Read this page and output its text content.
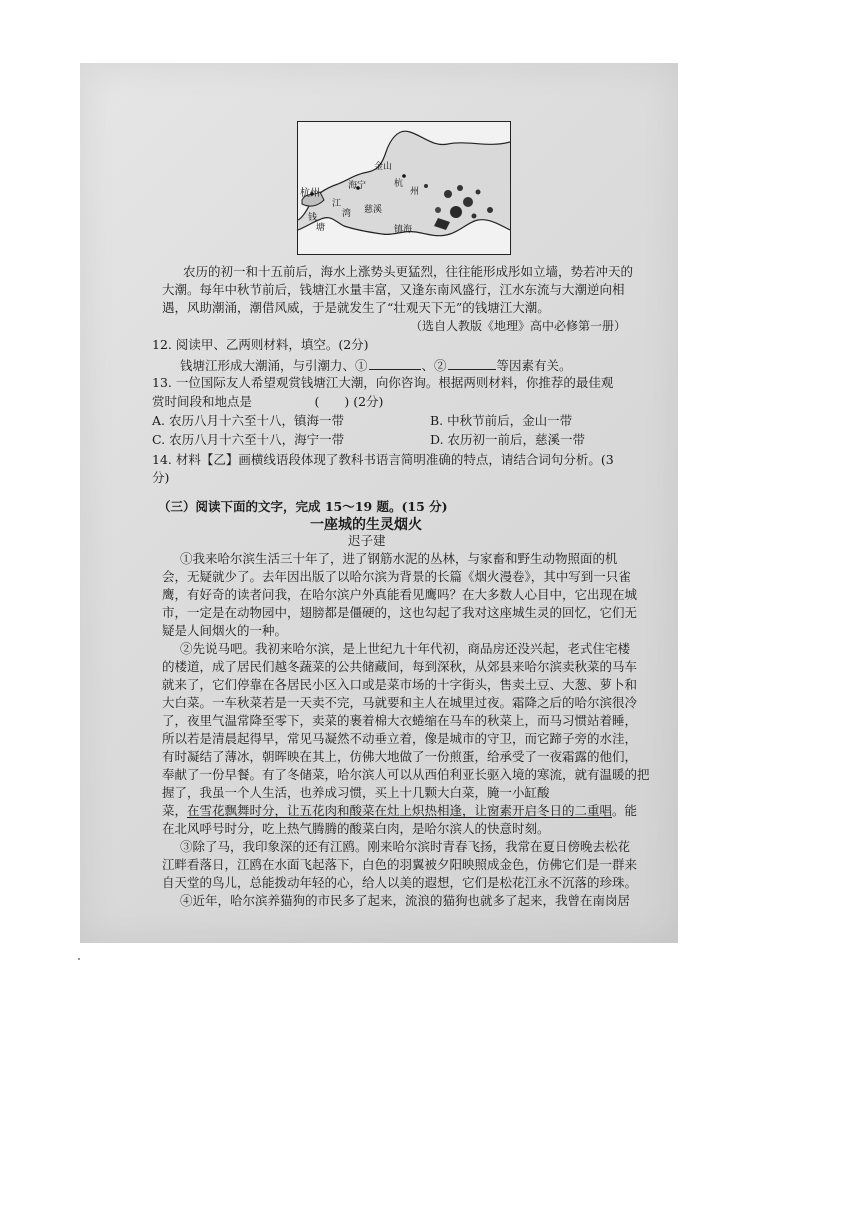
金山
海宁
杭州
江
湾
杭
州
钱
塘
慈溪
镇海
农历的初一和十五前后，海水上涨势头更猛烈，往往能形成彤如立墙，势若冲天的
大潮。每年中秋节前后，钱塘江水量丰富，又逢东南风盛行，江水东流与大潮逆向相
遇，风助潮涌，潮借风威，于是就发生了“壮观天下无”的钱塘江大潮。
（选自人教版《地理》高中必修第一册）
12. 阅读甲、乙两则材料，填空。(2分)
钱塘江形成大潮涌，与引潮力、①	、②	等因素有关。
13. 一位国际友人希望观赏钱塘江大潮，向你咨询。根据两则材料，你推荐的最佳观
赏时间段和地点是　　　　　(　　) (2分)
A. 农历八月十六至十八，镇海一带	B. 中秋节前后，金山一带
C. 农历八月十六至十八，海宁一带	D. 农历初一前后，慈溪一带
14. 材料【乙】画横线语段体现了教科书语言简明准确的特点，请结合词句分析。(3
分)
（三）阅读下面的文字，完成 15～19 题。(15 分)
一座城的生灵烟火
迟子建
①我来哈尔滨生活三十年了，进了钢筋水泥的丛林，与家畜和野生动物照面的机
会，无疑就少了。去年因出版了以哈尔滨为背景的长篇《烟火漫卷》，其中写到一只雀
鹰，有好奇的读者问我，在哈尔滨户外真能看见鹰吗？在大多数人心目中，它出现在城
市，一定是在动物园中，翅膀都是僵硬的，这也勾起了我对这座城生灵的回忆，它们无
疑是人间烟火的一种。
②先说马吧。我初来哈尔滨，是上世纪九十年代初，商品房还没兴起，老式住宅楼
的楼道，成了居民们越冬蔬菜的公共储藏间，每到深秋，从郊县来哈尔滨卖秋菜的马车
就来了，它们停靠在各居民小区入口或是菜市场的十字街头，售卖土豆、大葱、萝卜和
大白菜。一车秋菜若是一天卖不完，马就要和主人在城里过夜。霜降之后的哈尔滨很冷
了，夜里气温常降至零下，卖菜的裹着棉大衣蜷缩在马车的秋菜上，而马习惯站着睡，
所以若是清晨起得早，常见马凝然不动垂立着，像是城市的守卫，而它蹄子旁的水洼，
有时凝结了薄冰，朝晖映在其上，仿佛大地做了一份煎蛋，给承受了一夜霜露的他们，
奉献了一份早餐。有了冬储菜，哈尔滨人可以从西伯利亚长驱入境的寒流，就有温暖的把
握了，我虽一个人生活，也养成习惯，买上十几颗大白菜，腌一小缸酸
菜，在雪花飘舞时分，让五花肉和酸菜在灶上炽热相逢，让窗素开启冬日的二重唱。能
在北风呼号时分，吃上热气腾腾的酸菜白肉，是哈尔滨人的快意时刻。
③除了马，我印象深的还有江鸥。刚来哈尔滨时青春飞扬，我常在夏日傍晚去松花
江畔看落日，江鸥在水面飞起落下，白色的羽翼被夕阳映照成金色，仿佛它们是一群来
自天堂的鸟儿，总能拨动年轻的心，给人以美的遐想，它们是松花江永不沉落的珍珠。
④近年，哈尔滨养猫狗的市民多了起来，流浪的猫狗也就多了起来，我曾在南岗居
